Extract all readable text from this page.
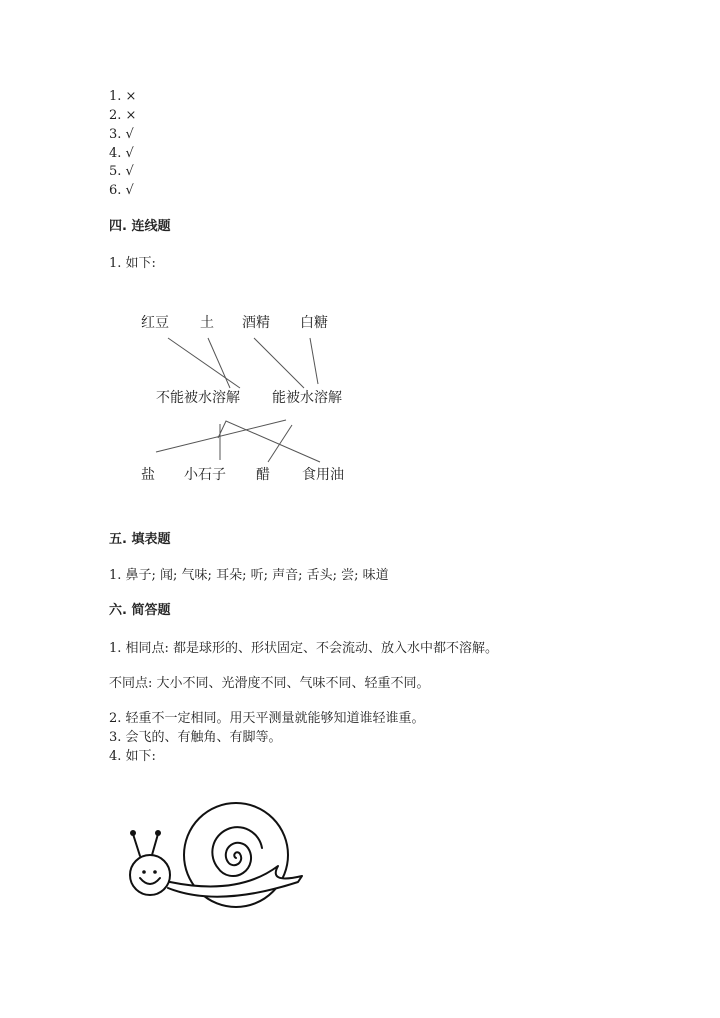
1. ×
2. ×
3. √
4. √
5. √
6. √
四. 连线题
1. 如下:
红豆 土 酒精 白糖
不能被水溶解 能被水溶解
盐 小石子 醋 食用油
五. 填表题
1. 鼻子; 闻; 气味; 耳朵; 听; 声音; 舌头; 尝; 味道
六. 简答题
1. 相同点: 都是球形的、形状固定、不会流动、放入水中都不溶解。
不同点: 大小不同、光滑度不同、气味不同、轻重不同。
2. 轻重不一定相同。用天平测量就能够知道谁轻谁重。
3. 会飞的、有触角、有脚等。
4. 如下:
